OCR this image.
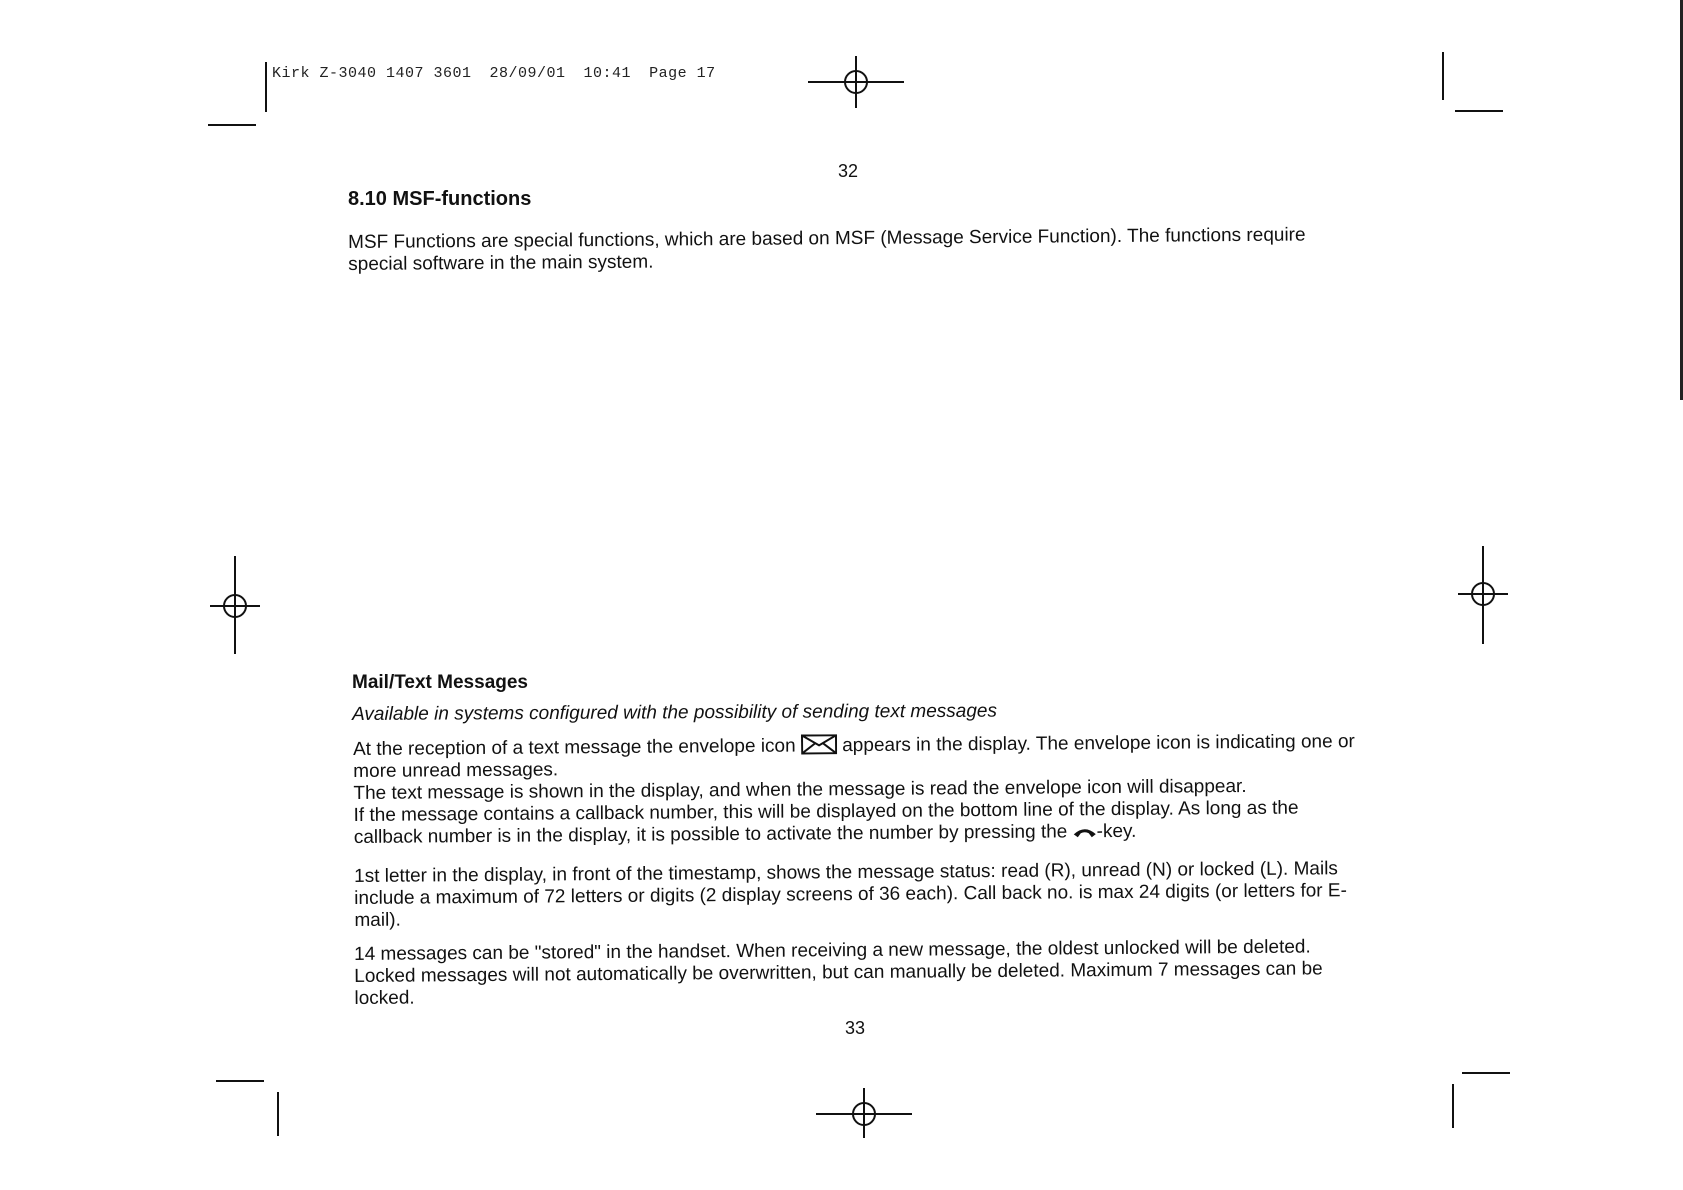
Kirk Z-3040 1407 3601 28/09/01 10:41 Page 17
32
8.10 MSF-functions

MSF Functions are special functions, which are based on MSF (Message Service Function). The functions require special software in the main system.

Mail/Text Messages
Available in systems configured with the possibility of sending text messages

At the reception of a text message the envelope icon appears in the display. The envelope icon is indicating one or more unread messages.

The text message is shown in the display, and when the message is read the envelope icon will disappear.

If the message contains a callback number, this will be displayed on the bottom line of the display. As long as the callback number is in the display, it is possible to activate the number by pressing the -key.

1st letter in the display, in front of the timestamp, shows the message status: read (R), unread (N) or locked (L). Mails include a maximum of 72 letters or digits (2 display screens of 36 each). Call back no. is max 24 digits (or letters for E-mail).

14 messages can be "stored" in the handset. When receiving a new message, the oldest unlocked will be deleted. Locked messages will not automatically be overwritten, but can manually be deleted. Maximum 7 messages can be locked.

33
